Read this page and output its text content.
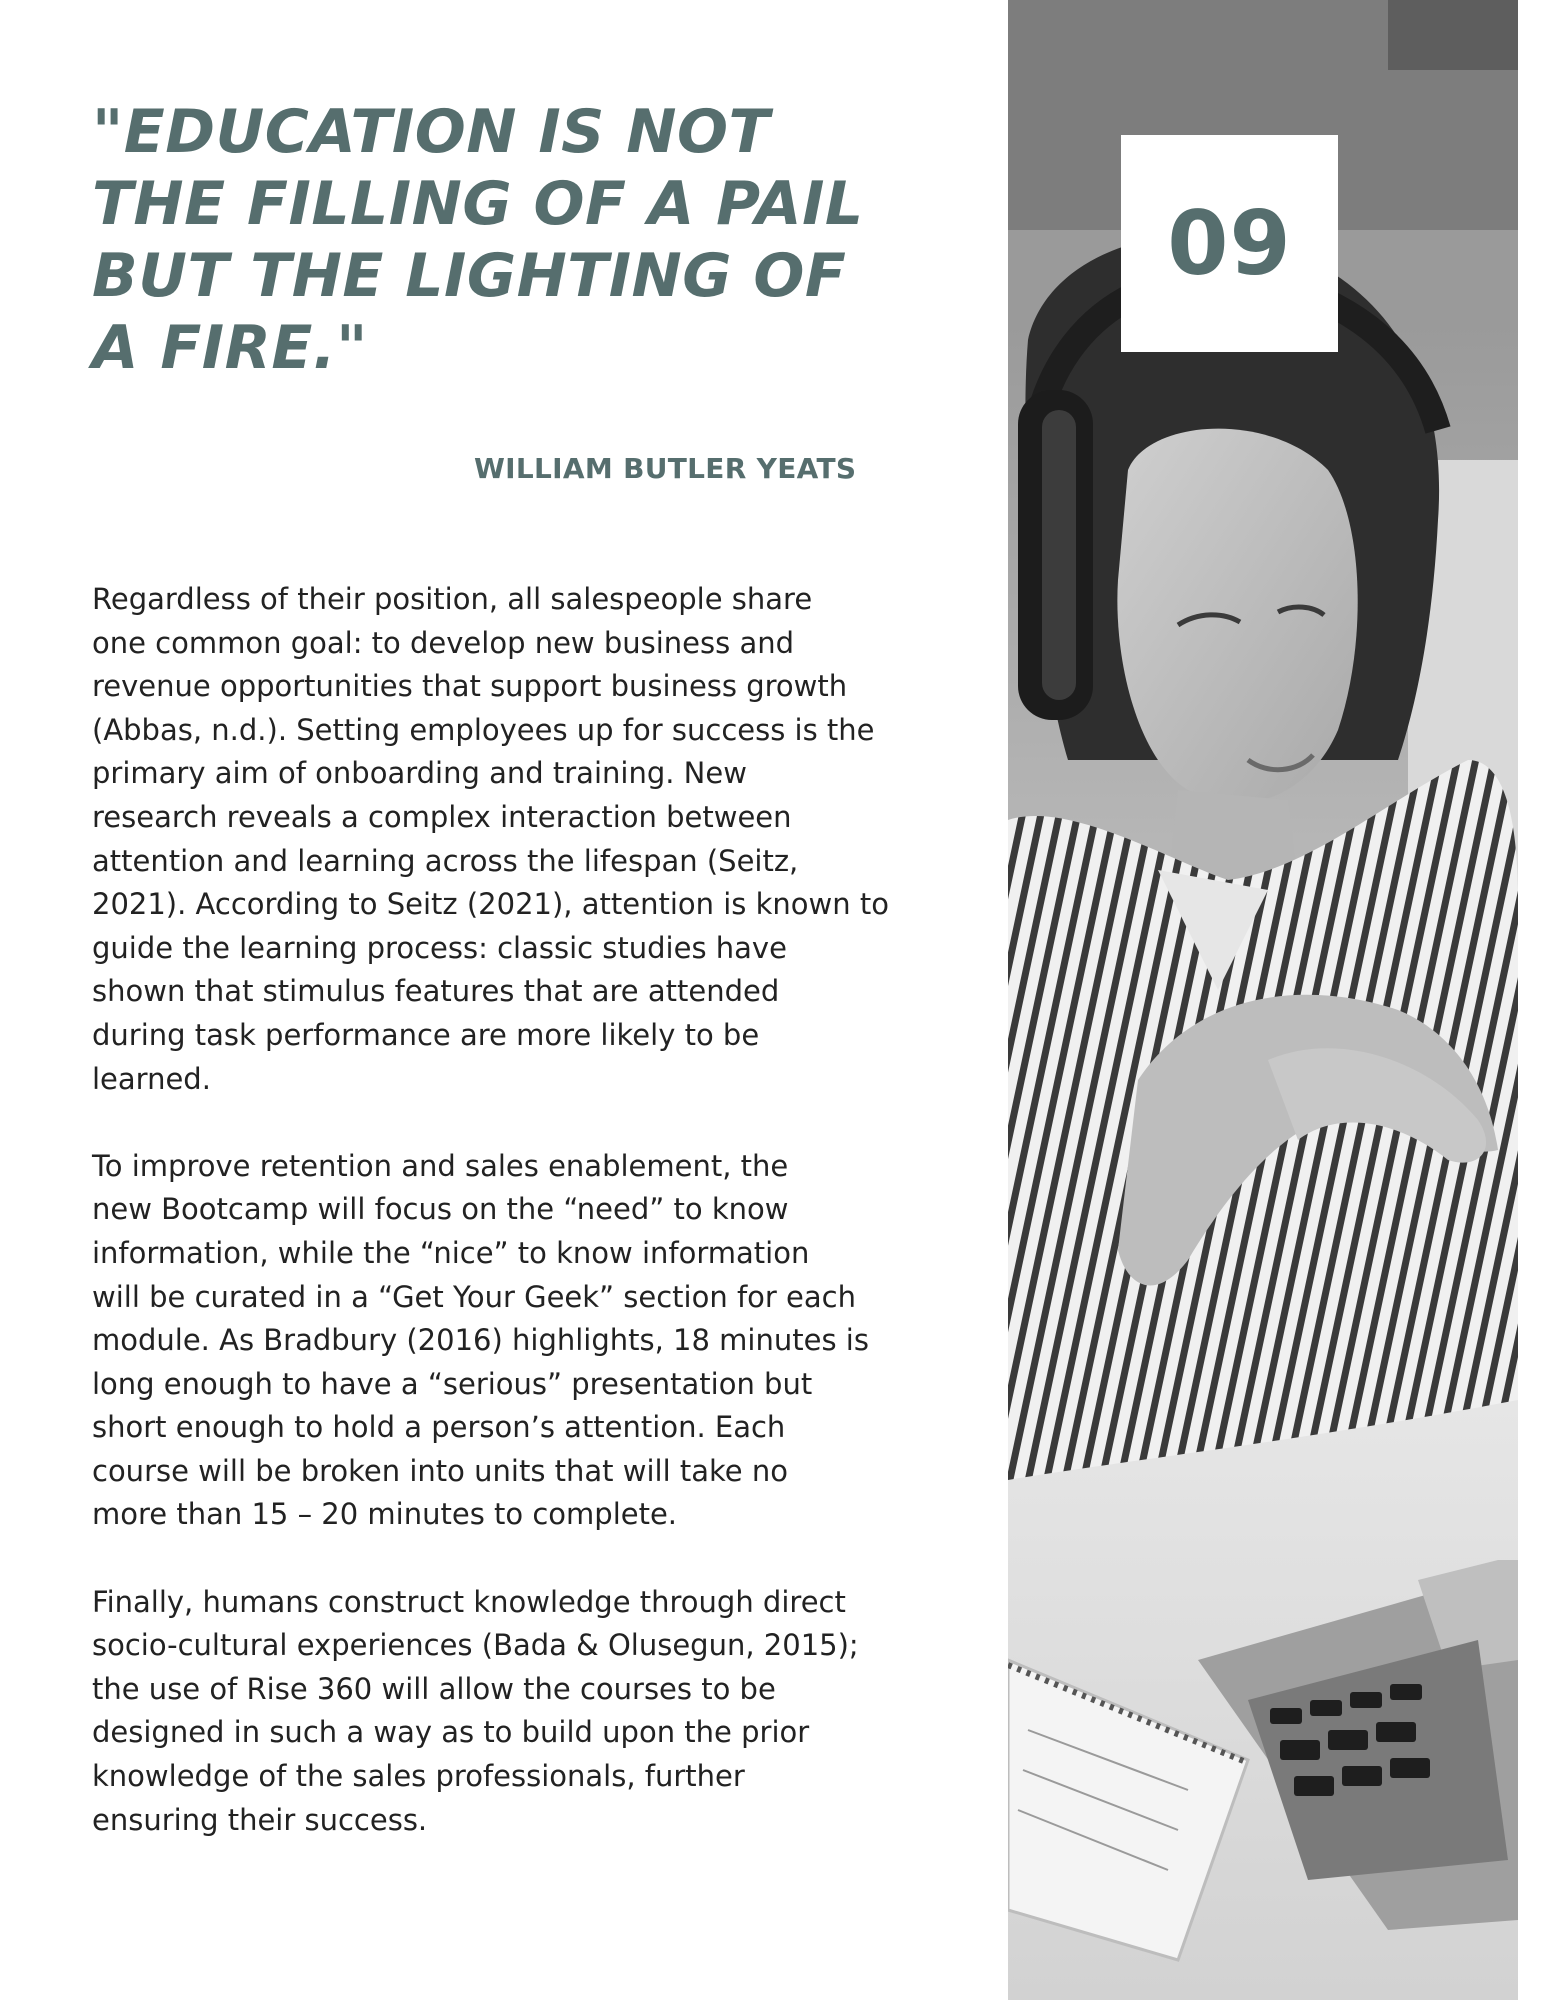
"EDUCATION IS NOT
THE FILLING OF A PAIL
BUT THE LIGHTING OF
A FIRE."
WILLIAM BUTLER YEATS

Regardless of their position, all salespeople share
one common goal: to develop new business and
revenue opportunities that support business growth
(Abbas, n.d.). Setting employees up for success is the
primary aim of onboarding and training. New
research reveals a complex interaction between
attention and learning across the lifespan (Seitz,
2021). According to Seitz (2021), attention is known to
guide the learning process: classic studies have
shown that stimulus features that are attended
during task performance are more likely to be
learned.

To improve retention and sales enablement, the
new Bootcamp will focus on the “need” to know
information, while the “nice” to know information
will be curated in a “Get Your Geek” section for each
module. As Bradbury (2016) highlights, 18 minutes is
long enough to have a “serious” presentation but
short enough to hold a person’s attention. Each
course will be broken into units that will take no
more than 15 – 20 minutes to complete.

Finally, humans construct knowledge through direct
socio-cultural experiences (Bada & Olusegun, 2015);
the use of Rise 360 will allow the courses to be
designed in such a way as to build upon the prior
knowledge of the sales professionals, further
ensuring their success.

09
